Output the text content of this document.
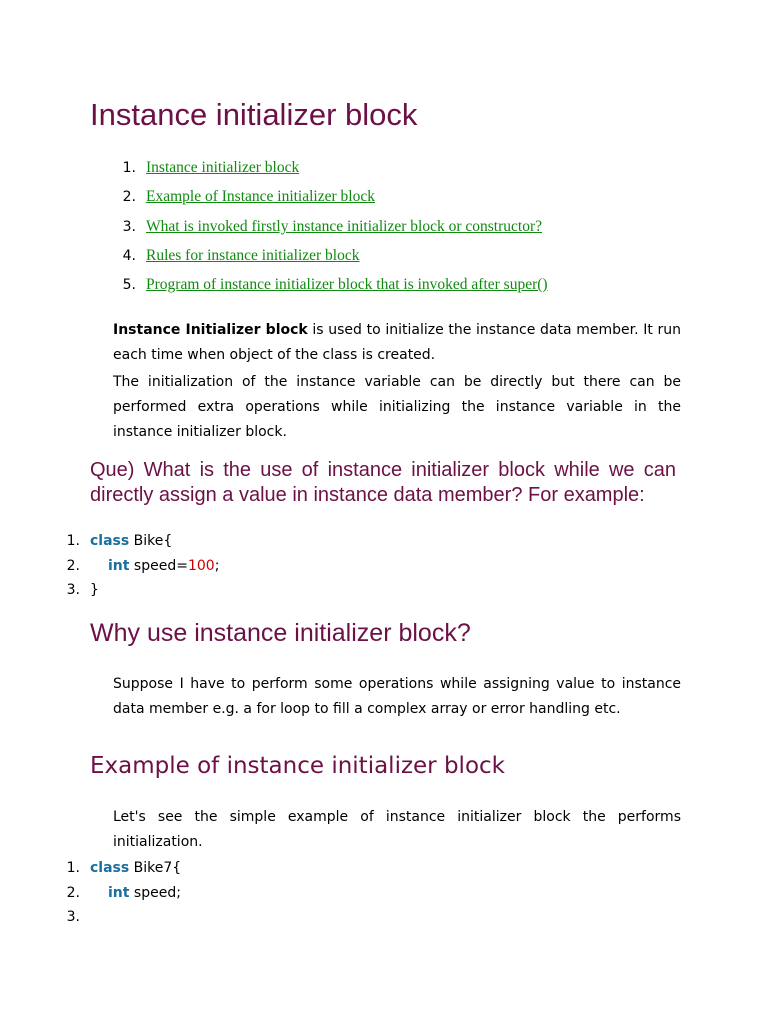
Instance initializer block
1. Instance initializer block
2. Example of Instance initializer block
3. What is invoked firstly instance initializer block or constructor?
4. Rules for instance initializer block
5. Program of instance initializer block that is invoked after super()

Instance Initializer block is used to initialize the instance data member. It run each time when object of the class is created.

The initialization of the instance variable can be directly but there can be performed extra operations while initializing the instance variable in the instance initializer block.

Que) What is the use of instance initializer block while we can directly assign a value in instance data member? For example:
1. class Bike{
2. int speed=100;
3. }
Why use instance initializer block?

Suppose I have to perform some operations while assigning value to instance data member e.g. a for loop to fill a complex array or error handling etc.

Example of instance initializer block

Let's see the simple example of instance initializer block the performs initialization.

1. class Bike7{
2. int speed;
3.
